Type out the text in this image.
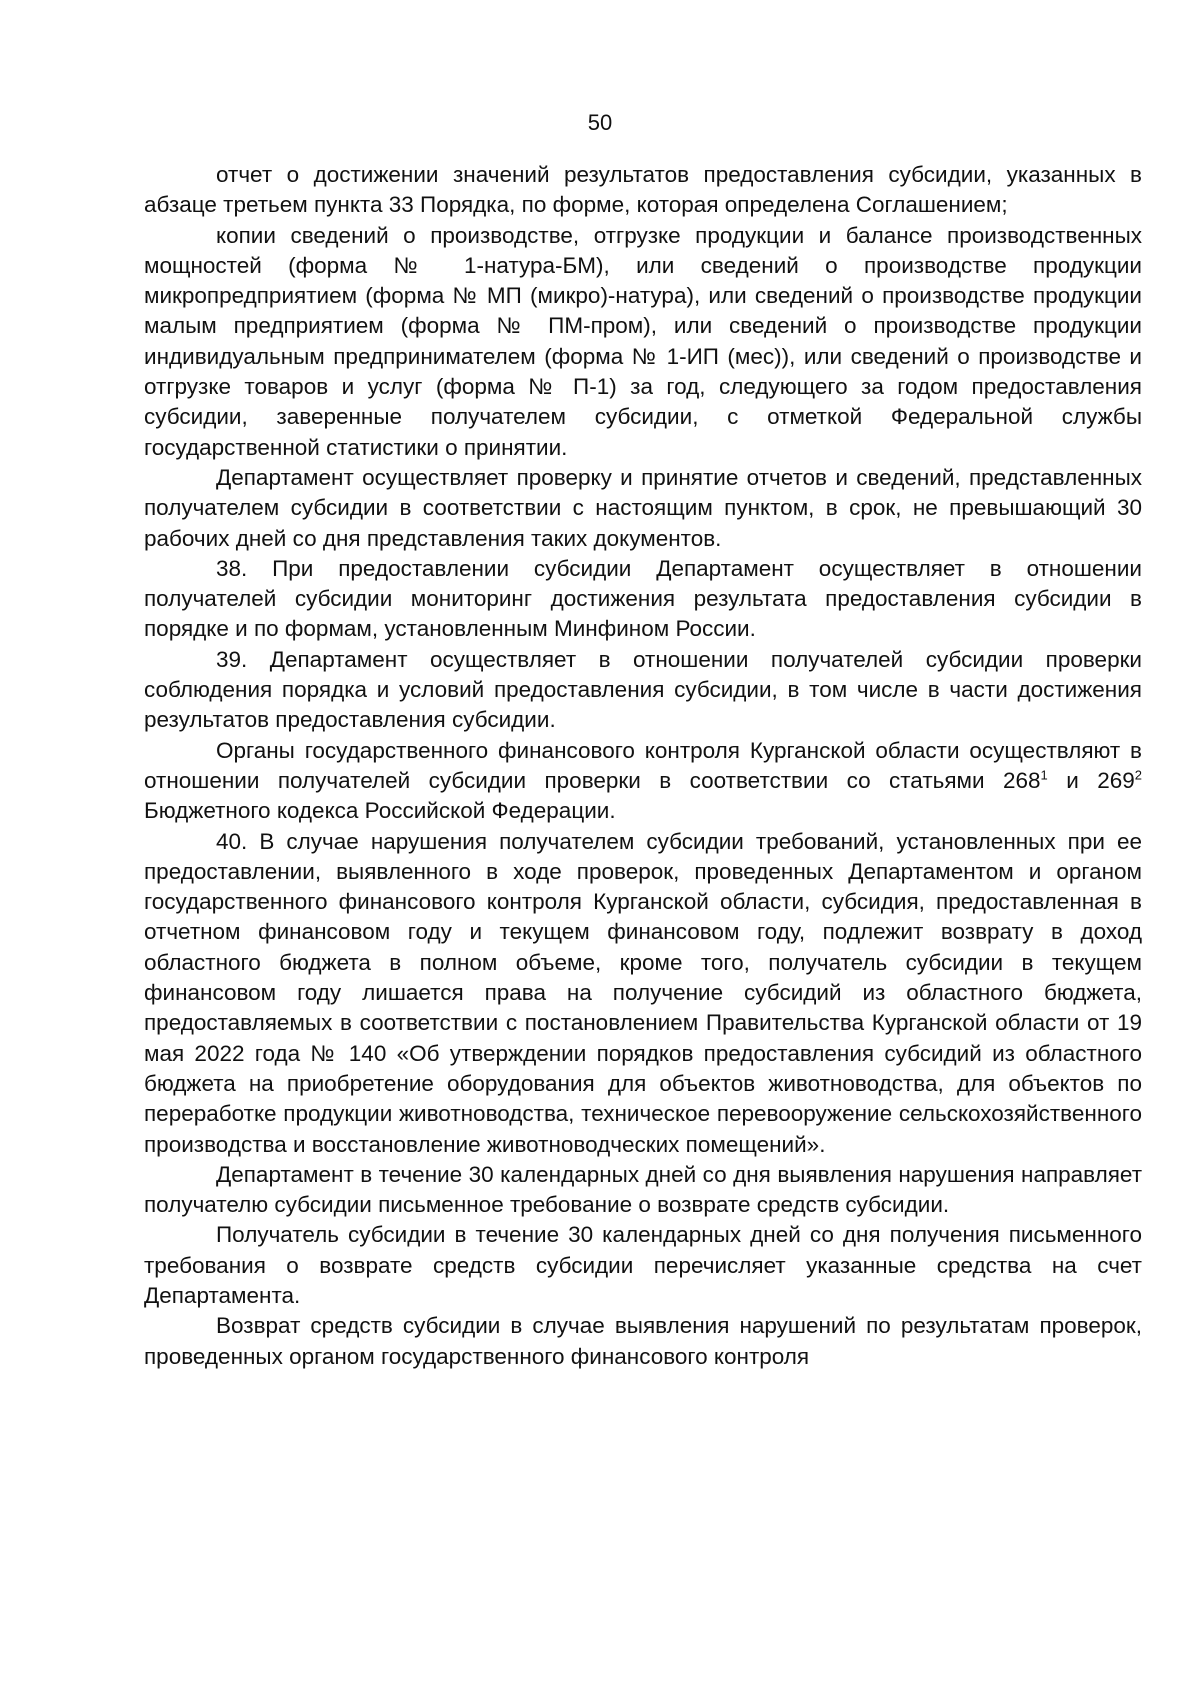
50

отчет о достижении значений результатов предоставления субсидии, указанных в абзаце третьем пункта 33 Порядка, по форме, которая определена Соглашением;

копии сведений о производстве, отгрузке продукции и балансе производственных мощностей (форма № 1-натура-БМ), или сведений о производстве продукции микропредприятием (форма № МП (микро)-натура), или сведений о производстве продукции малым предприятием (форма № ПМ-пром), или сведений о производстве продукции индивидуальным предпринимателем (форма № 1-ИП (мес)), или сведений о производстве и отгрузке товаров и услуг (форма № П-1) за год, следующего за годом предоставления субсидии, заверенные получателем субсидии, с отметкой Федеральной службы государственной статистики о принятии.

Департамент осуществляет проверку и принятие отчетов и сведений, представленных получателем субсидии в соответствии с настоящим пунктом, в срок, не превышающий 30 рабочих дней со дня представления таких документов.

38. При предоставлении субсидии Департамент осуществляет в отношении получателей субсидии мониторинг достижения результата предоставления субсидии в порядке и по формам, установленным Минфином России.

39. Департамент осуществляет в отношении получателей субсидии проверки соблюдения порядка и условий предоставления субсидии, в том числе в части достижения результатов предоставления субсидии.

Органы государственного финансового контроля Курганской области осуществляют в отношении получателей субсидии проверки в соответствии со статьями $268^1$ и $269^2$ Бюджетного кодекса Российской Федерации.

40. В случае нарушения получателем субсидии требований, установленных при ее предоставлении, выявленного в ходе проверок, проведенных Департаментом и органом государственного финансового контроля Курганской области, субсидия, предоставленная в отчетном финансовом году и текущем финансовом году, подлежит возврату в доход областного бюджета в полном объеме, кроме того, получатель субсидии в текущем финансовом году лишается права на получение субсидий из областного бюджета, предоставляемых в соответствии с постановлением Правительства Курганской области от 19 мая 2022 года № 140 «Об утверждении порядков предоставления субсидий из областного бюджета на приобретение оборудования для объектов животноводства, для объектов по переработке продукции животноводства, техническое перевооружение сельскохозяйственного производства и восстановление животноводческих помещений».

Департамент в течение 30 календарных дней со дня выявления нарушения направляет получателю субсидии письменное требование о возврате средств субсидии.

Получатель субсидии в течение 30 календарных дней со дня получения письменного требования о возврате средств субсидии перечисляет указанные средства на счет Департамента.

Возврат средств субсидии в случае выявления нарушений по результатам проверок, проведенных органом государственного финансового контроля
